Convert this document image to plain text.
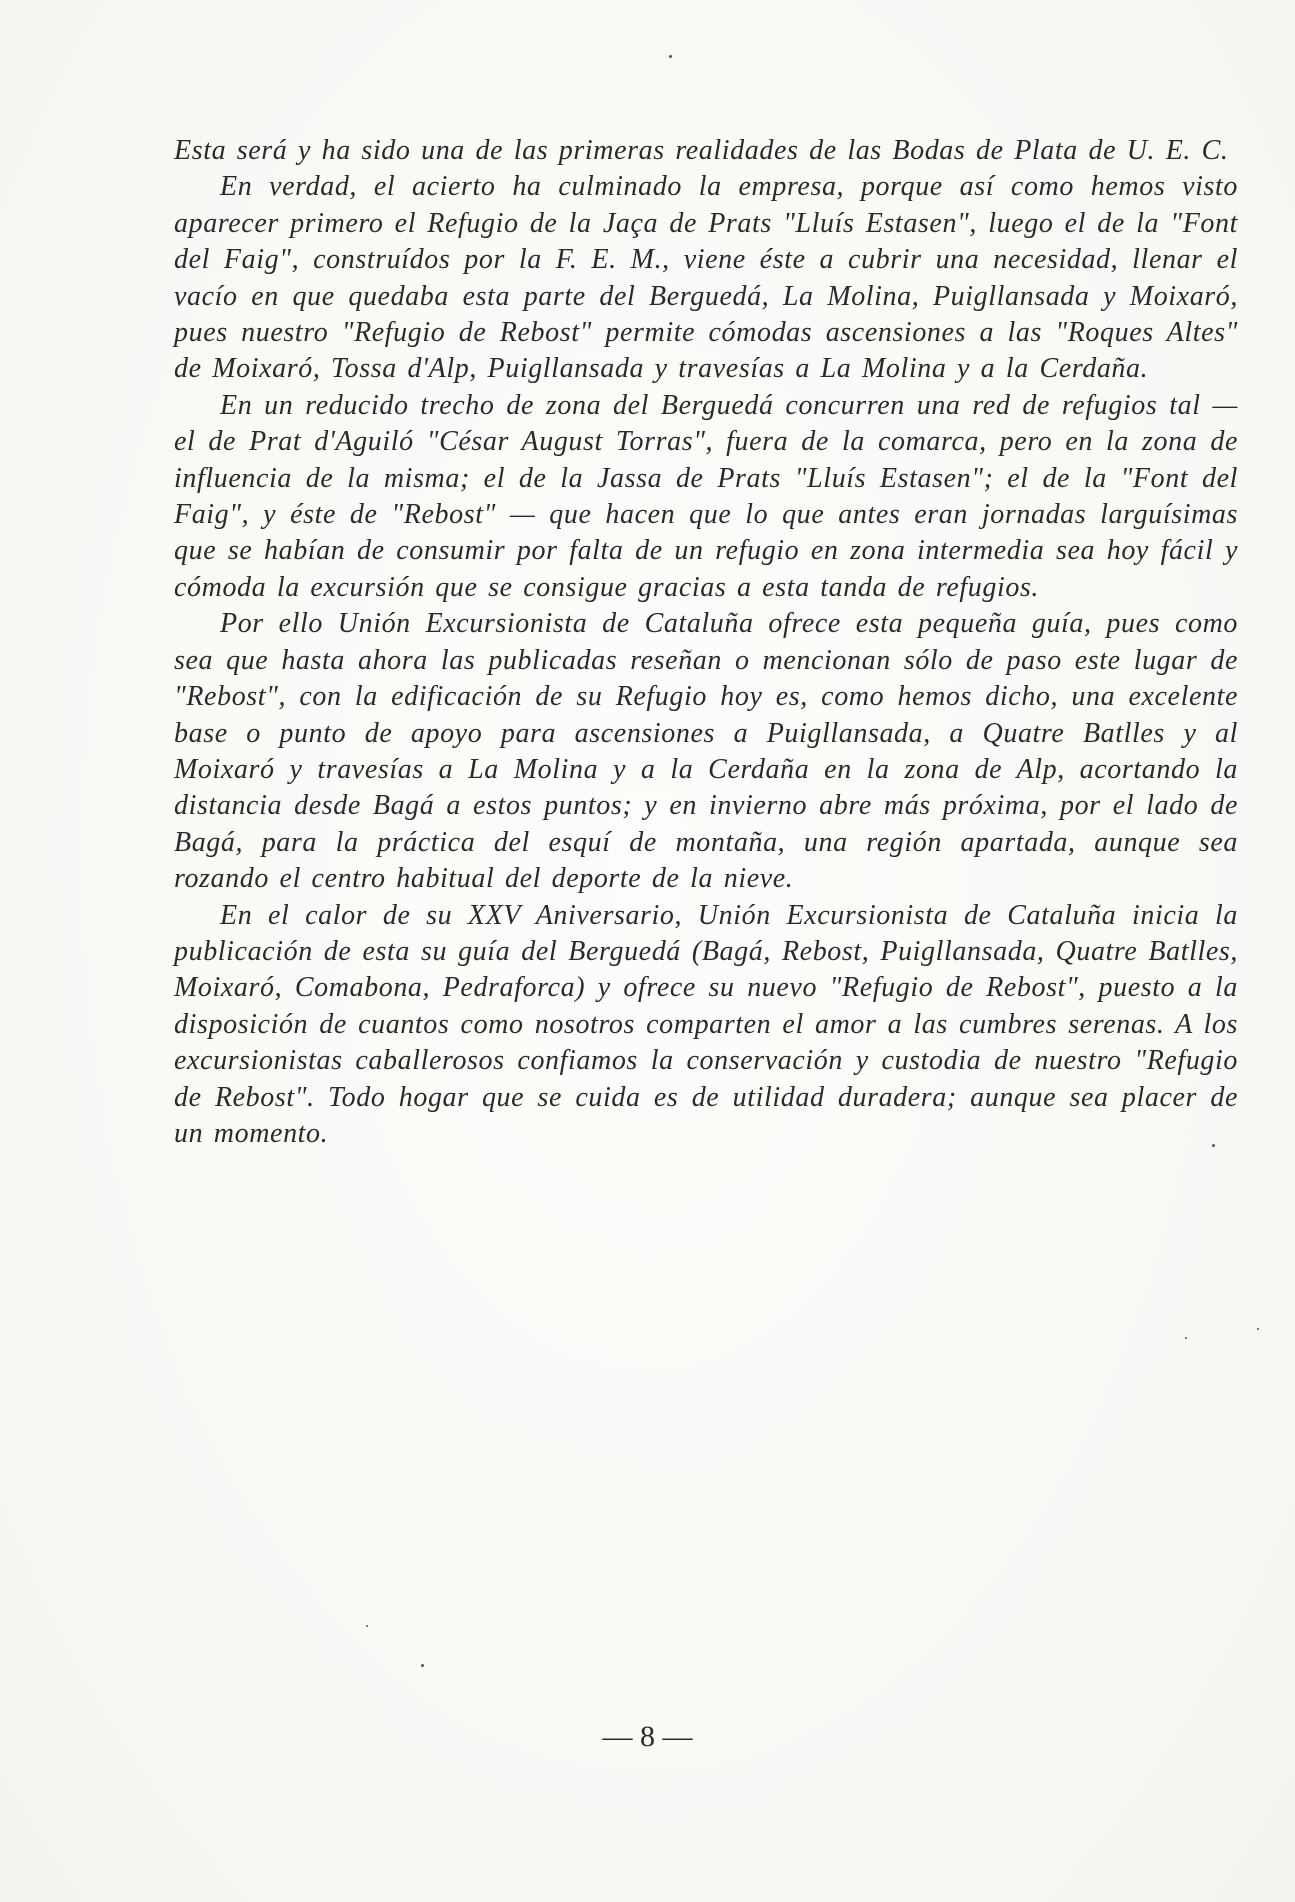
Esta será y ha sido una de las primeras realidades de las Bodas de Plata de U. E. C.

En verdad, el acierto ha culminado la empresa, porque así como hemos visto aparecer primero el Refugio de la Jaça de Prats "Lluís Estasen", luego el de la "Font del Faig", construídos por la F. E. M., viene éste a cubrir una necesidad, llenar el vacío en que quedaba esta parte del Berguedá, La Molina, Puigllansada y Moixaró, pues nuestro "Refugio de Rebost" permite cómodas ascensiones a las "Roques Altes" de Moixaró, Tossa d'Alp, Puigllansada y travesías a La Molina y a la Cerdaña.

En un reducido trecho de zona del Berguedá concurren una red de refugios tal — el de Prat d'Aguiló "César August Torras", fuera de la comarca, pero en la zona de influencia de la misma; el de la Jassa de Prats "Lluís Estasen"; el de la "Font del Faig", y éste de "Rebost" — que hacen que lo que antes eran jornadas larguísimas que se habían de consumir por falta de un refugio en zona intermedia sea hoy fácil y cómoda la excursión que se consigue gracias a esta tanda de refugios.

Por ello Unión Excursionista de Cataluña ofrece esta pequeña guía, pues como sea que hasta ahora las publicadas reseñan o mencionan sólo de paso este lugar de "Rebost", con la edificación de su Refugio hoy es, como hemos dicho, una excelente base o punto de apoyo para ascensiones a Puigllansada, a Quatre Batlles y al Moixaró y travesías a La Molina y a la Cerdaña en la zona de Alp, acortando la distancia desde Bagá a estos puntos; y en invierno abre más próxima, por el lado de Bagá, para la práctica del esquí de montaña, una región apartada, aunque sea rozando el centro habitual del deporte de la nieve.

En el calor de su XXV Aniversario, Unión Excursionista de Cataluña inicia la publicación de esta su guía del Berguedá (Bagá, Rebost, Puigllansada, Quatre Batlles, Moixaró, Comabona, Pedraforca) y ofrece su nuevo "Refugio de Rebost", puesto a la disposición de cuantos como nosotros comparten el amor a las cumbres serenas. A los excursionistas caballerosos confiamos la conservación y custodia de nuestro "Refugio de Rebost". Todo hogar que se cuida es de utilidad duradera; aunque sea placer de un momento.

— 8 —
